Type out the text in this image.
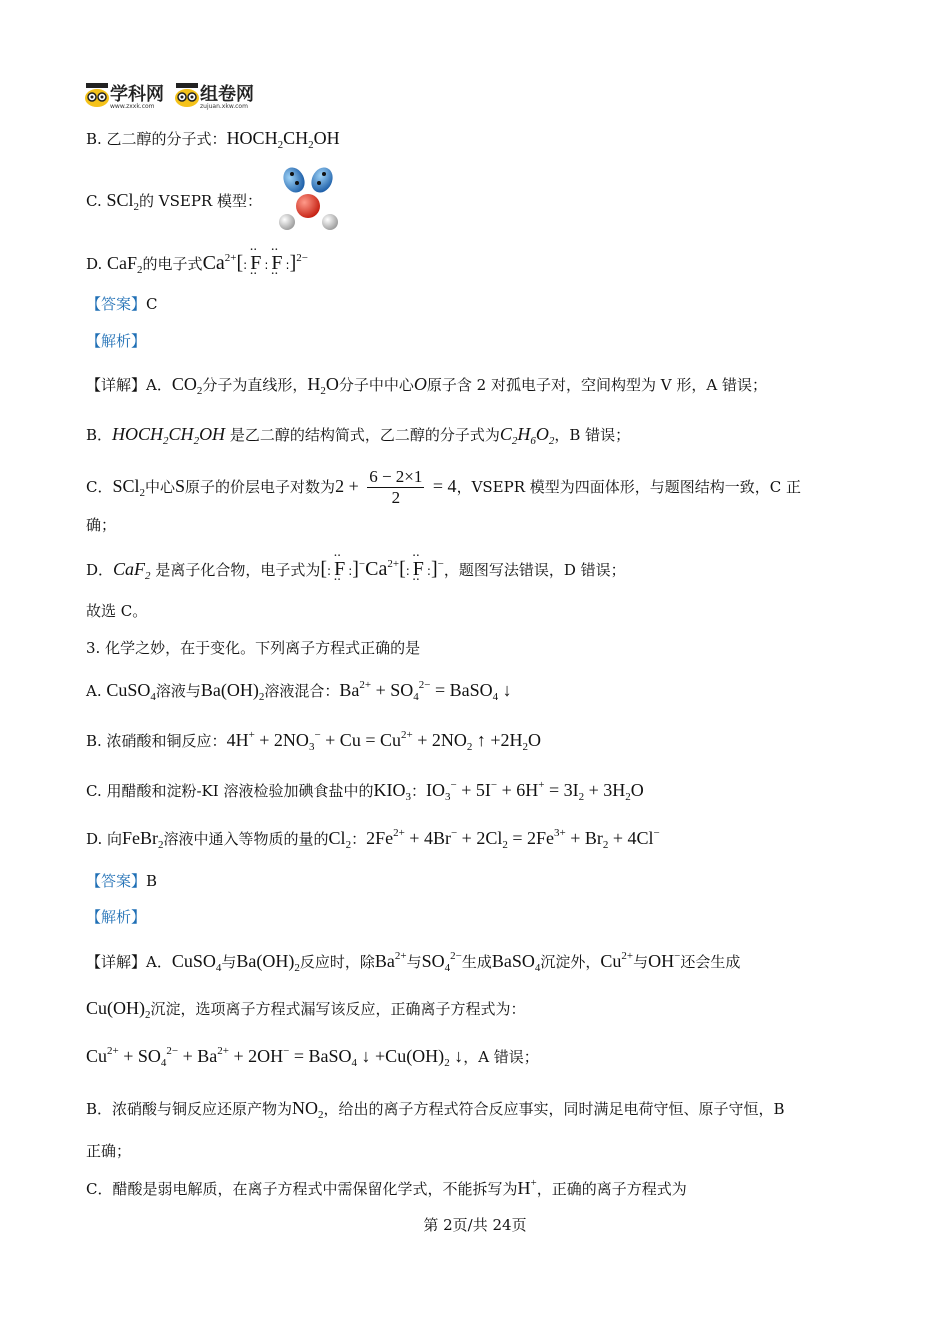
学科网
www.zxxk.com
组卷网
zujuan.xkw.com
B. 乙二醇的分子式：$HOCH_2CH_2OH$
C. SCl$_2$的 VSEPR 模型：
D. CaF$_2$的电子式$Ca^{2+}[:\cdot\cdot F$ ·· :·· F ·· :]$^{2-}$
【答案】C
【解析】
【详解】A．$CO_2$分子为直线形，$H_2O$分子中中心O原子含 2 对孤电子对，空间构型为 V 形，A 错误；
B．$HOCH_2CH_2OH$ 是乙二醇的结构简式，乙二醇的分子式为$C_2H_6O_2$，B 错误；
C．SCl$_2$中心S原子的价层电子对数为$2 + \frac{6 - 2\times 1}{2} = 4$，VSEPR 模型为四面体形，与题图结构一致，C 正
确；
D．CaF$_2$ 是离子化合物，电子式为[:·· $F \cdot\cdot :]^-Ca^{2+}[:\cdot\cdot F$ ·· :]−，题图写法错误，D 错误；
故选 C。
3. 化学之妙，在于变化。下列离子方程式正确的是
A. CuSO$_4$溶液与$Ba(OH)_2$溶液混合：$Ba^{2+} + SO_4^{2-}$ = BaSO$_4$ ↓
B. 浓硝酸和铜反应：$4H^+ + 2NO_3^- + Cu = Cu^{2+} + 2NO_2$ ↑ $+2H_2O$
C. 用醋酸和淀粉-KI 溶液检验加碘食盐中的$KIO_3$：$IO_3^- + 5I^- + 6H^+ = 3I_2 + 3H_2O$
D. 向FeBr$_2$溶液中通入等物质的量的$Cl_2$：$2Fe^{2+} + 4Br^- + 2Cl_2 = 2Fe^{3+} + Br_2 + 4Cl^-$
【答案】B
【解析】
【详解】A．CuSO$_4$与$Ba(OH)_2$反应时，除$Ba^{2+}$与$SO_4^{2-}$生成BaSO$_4$沉淀外，$Cu^{2+}$与OH−还会生成
$Cu(OH)_2$沉淀，选项离子方程式漏写该反应，正确离子方程式为：
$Cu^{2+} + SO_4^{2-} + Ba^{2+} + 2OH^-$ = BaSO$_4$ ↓ $+Cu(OH)_2$ ↓，A 错误；
B．浓硝酸与铜反应还原产物为$NO_2$，给出的离子方程式符合反应事实，同时满足电荷守恒、原子守恒，B
正确；
C．醋酸是弱电解质，在离子方程式中需保留化学式，不能拆写为H+，正确的离子方程式为
第 2页/共 24页
